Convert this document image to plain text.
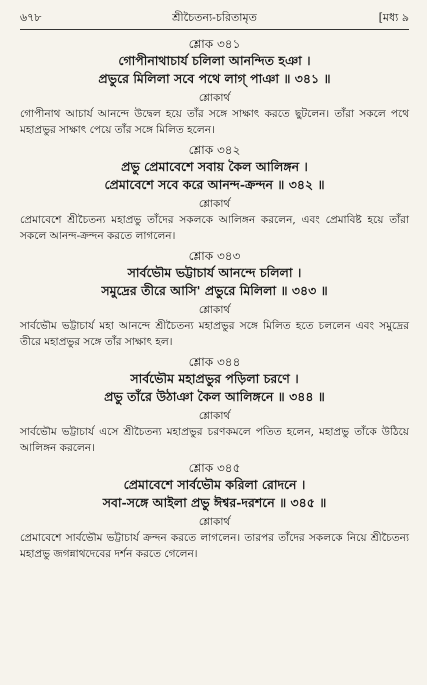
৬৭৮	শ্রীচৈতন্য-চরিতামৃত	[মধ্য ৯
শ্লোক ৩৪১
গোপীনাথাচার্য চলিলা আনন্দিত হঞা ।
প্রভুরে মিলিলা সবে পথে লাগ্‌ পাঞা ॥ ৩৪১ ॥
শ্লোকার্থ

গোপীনাথ আচার্য আনন্দে উদ্বেল হয়ে তাঁর সঙ্গে সাক্ষাৎ করতে ছুটলেন। তাঁরা সকলে পথে মহাপ্রভুর সাক্ষাৎ পেয়ে তাঁর সঙ্গে মিলিত হলেন।

শ্লোক ৩৪২
প্রভু প্রেমাবেশে সবায় কৈল আলিঙ্গন ।
প্রেমাবেশে সবে করে আনন্দ-ক্রন্দন ॥ ৩৪২ ॥
শ্লোকার্থ

প্রেমাবেশে শ্রীচৈতন্য মহাপ্রভু তাঁদের সকলকে আলিঙ্গন করলেন, এবং প্রেমাবিষ্ট হয়ে তাঁরা সকলে আনন্দ-ক্রন্দন করতে লাগলেন।

শ্লোক ৩৪৩
সার্বভৌম ভট্টাচার্য আনন্দে চলিলা ।
সমুদ্রের তীরে আসি' প্রভুরে মিলিলা ॥ ৩৪৩ ॥
শ্লোকার্থ

সার্বভৌম ভট্টাচার্য মহা আনন্দে শ্রীচৈতন্য মহাপ্রভুর সঙ্গে মিলিত হতে চললেন এবং সমুদ্রের তীরে মহাপ্রভুর সঙ্গে তাঁর সাক্ষাৎ হল।

শ্লোক ৩৪৪
সার্বভৌম মহাপ্রভুর পড়িলা চরণে ।
প্রভু তাঁরে উঠাঞা কৈল আলিঙ্গনে ॥ ৩৪৪ ॥
শ্লোকার্থ

সার্বভৌম ভট্টাচার্য এসে শ্রীচৈতন্য মহাপ্রভুর চরণকমলে পতিত হলেন, মহাপ্রভু তাঁকে উঠিয়ে আলিঙ্গন করলেন।

শ্লোক ৩৪৫
প্রেমাবেশে সার্বভৌম করিলা রোদনে ।
সবা-সঙ্গে আইলা প্রভু ঈশ্বর-দরশনে ॥ ৩৪৫ ॥
শ্লোকার্থ

প্রেমাবেশে সার্বভৌম ভট্টাচার্য ক্রন্দন করতে লাগলেন। তারপর তাঁদের সকলকে নিয়ে শ্রীচৈতন্য মহাপ্রভু জগন্নাথদেবের দর্শন করতে গেলেন।
